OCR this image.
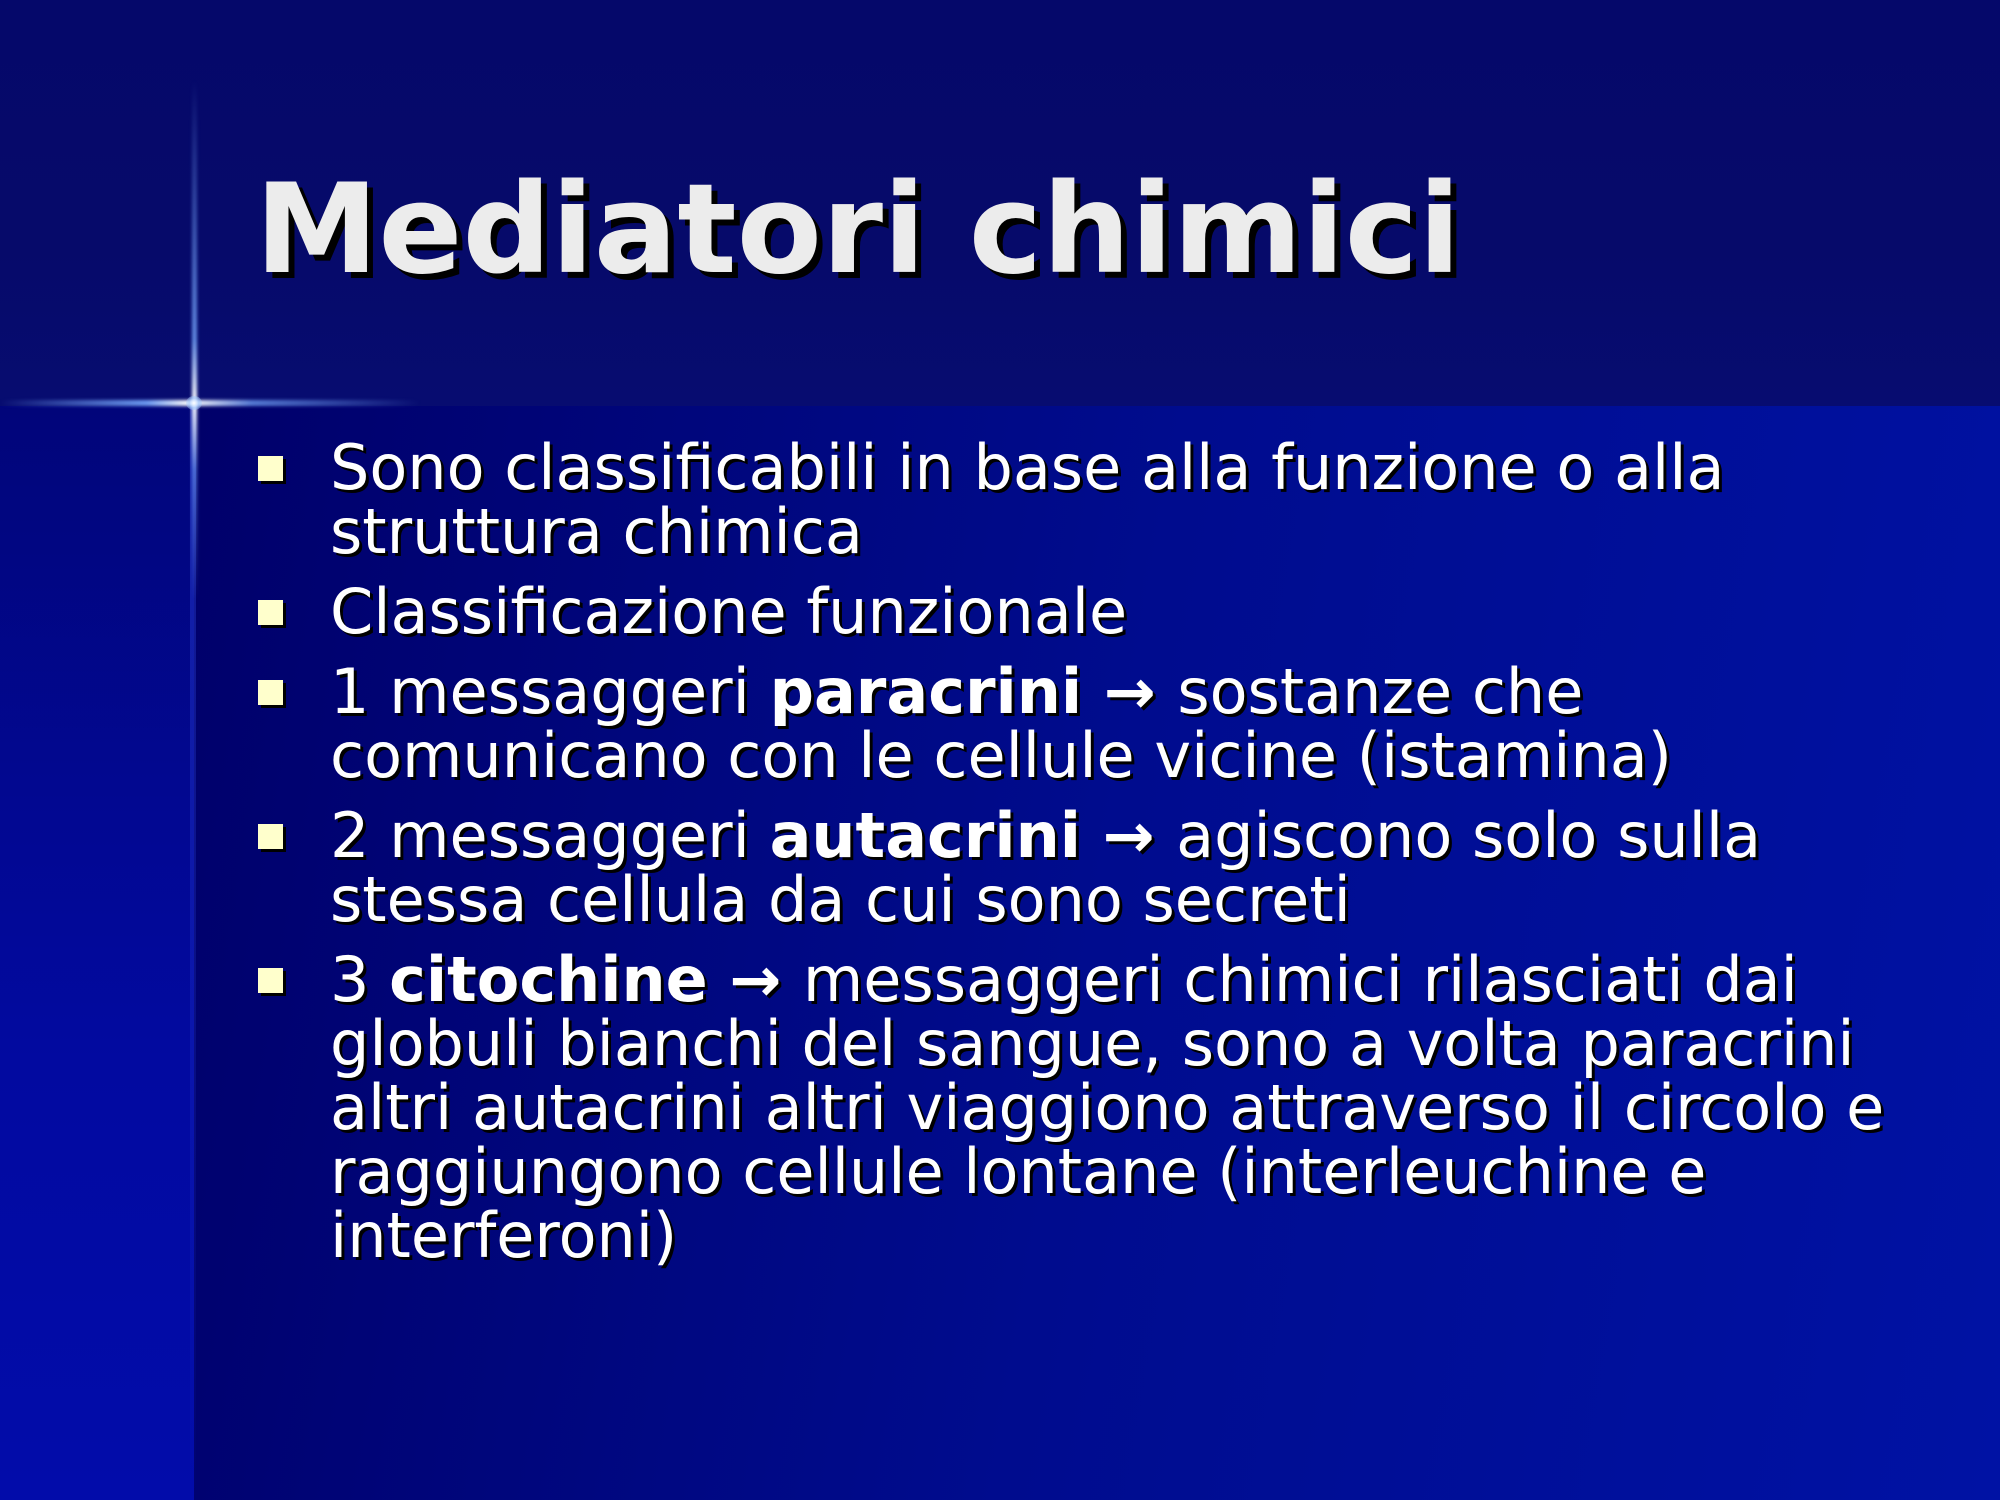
Mediatori chimici
Sono classificabili in base alla funzione o alla struttura chimica
Classificazione funzionale
1 messaggeri paracrini → sostanze che comunicano con le cellule vicine (istamina)
2 messaggeri autacrini → agiscono solo sulla stessa cellula da cui sono secreti
3 citochine → messaggeri chimici rilasciati dai globuli bianchi del sangue, sono a volta paracrini altri autacrini altri viaggiono attraverso il circolo e raggiungono cellule lontane (interleuchine e interferoni)
